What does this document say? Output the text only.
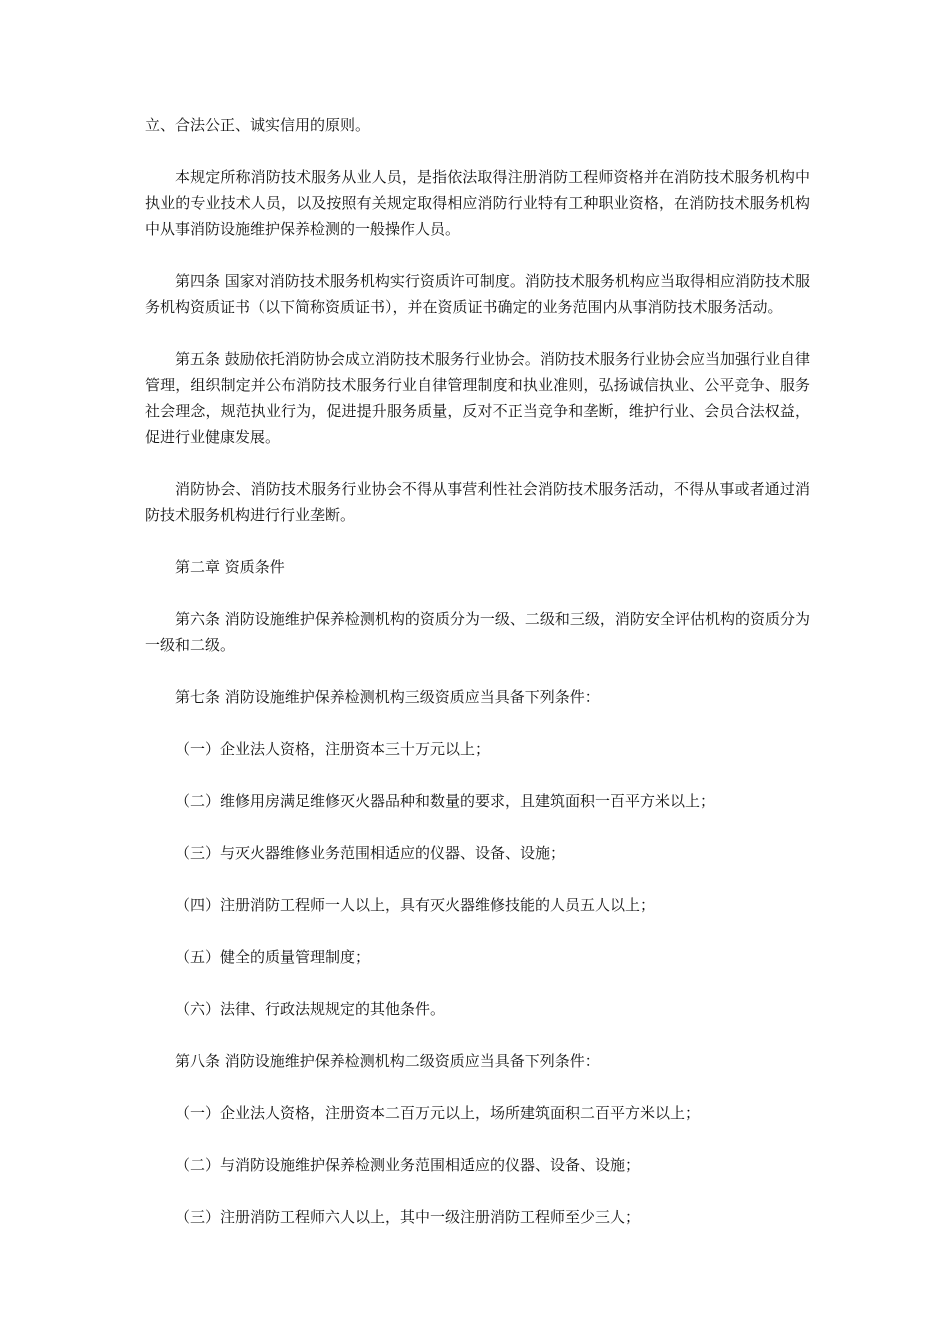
立、合法公正、诚实信用的原则。

本规定所称消防技术服务从业人员，是指依法取得注册消防工程师资格并在消防技术服务机构中执业的专业技术人员，以及按照有关规定取得相应消防行业特有工种职业资格，在消防技术服务机构中从事消防设施维护保养检测的一般操作人员。

第四条 国家对消防技术服务机构实行资质许可制度。消防技术服务机构应当取得相应消防技术服务机构资质证书（以下简称资质证书），并在资质证书确定的业务范围内从事消防技术服务活动。

第五条 鼓励依托消防协会成立消防技术服务行业协会。消防技术服务行业协会应当加强行业自律管理，组织制定并公布消防技术服务行业自律管理制度和执业准则，弘扬诚信执业、公平竞争、服务社会理念，规范执业行为，促进提升服务质量，反对不正当竞争和垄断，维护行业、会员合法权益，促进行业健康发展。

消防协会、消防技术服务行业协会不得从事营利性社会消防技术服务活动，不得从事或者通过消防技术服务机构进行行业垄断。

第二章 资质条件

第六条 消防设施维护保养检测机构的资质分为一级、二级和三级，消防安全评估机构的资质分为一级和二级。

第七条 消防设施维护保养检测机构三级资质应当具备下列条件：

（一）企业法人资格，注册资本三十万元以上；

（二）维修用房满足维修灭火器品种和数量的要求，且建筑面积一百平方米以上；

（三）与灭火器维修业务范围相适应的仪器、设备、设施；

（四）注册消防工程师一人以上，具有灭火器维修技能的人员五人以上；

（五）健全的质量管理制度；

（六）法律、行政法规规定的其他条件。

第八条 消防设施维护保养检测机构二级资质应当具备下列条件：

（一）企业法人资格，注册资本二百万元以上，场所建筑面积二百平方米以上；

（二）与消防设施维护保养检测业务范围相适应的仪器、设备、设施；

（三）注册消防工程师六人以上，其中一级注册消防工程师至少三人；
